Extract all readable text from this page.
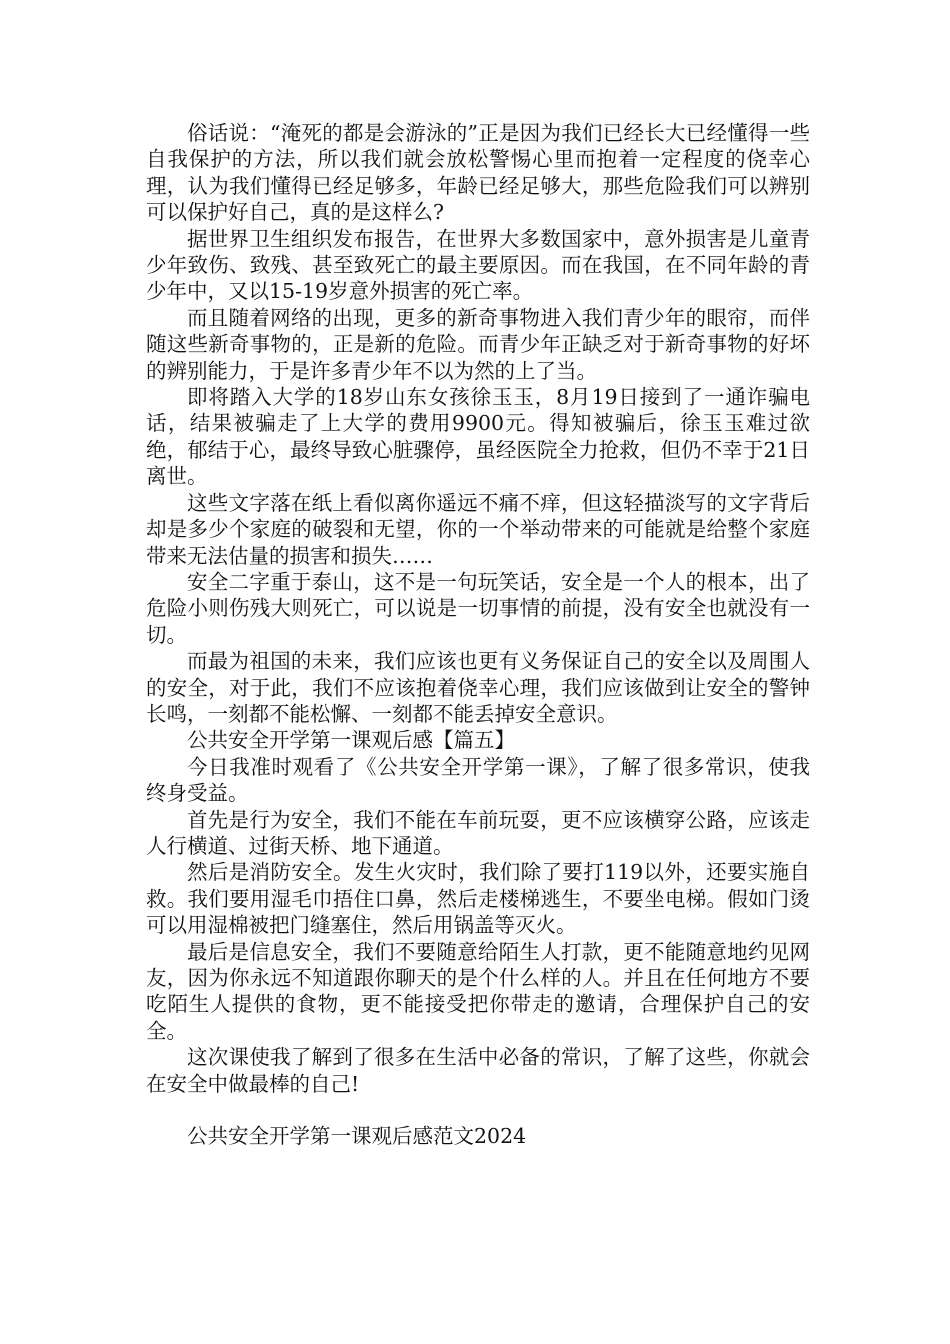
俗话说：“淹死的都是会游泳的”正是因为我们已经长大已经懂得一些自我保护的方法，所以我们就会放松警惕心里而抱着一定程度的侥幸心理，认为我们懂得已经足够多，年龄已经足够大，那些危险我们可以辨别可以保护好自己，真的是这样么?

据世界卫生组织发布报告，在世界大多数国家中，意外损害是儿童青少年致伤、致残、甚至致死亡的最主要原因。而在我国，在不同年龄的青少年中，又以15-19岁意外损害的死亡率。

而且随着网络的出现，更多的新奇事物进入我们青少年的眼帘，而伴随这些新奇事物的，正是新的危险。而青少年正缺乏对于新奇事物的好坏的辨别能力，于是许多青少年不以为然的上了当。

即将踏入大学的18岁山东女孩徐玉玉，8月19日接到了一通诈骗电话，结果被骗走了上大学的费用9900元。得知被骗后，徐玉玉难过欲绝，郁结于心，最终导致心脏骤停，虽经医院全力抢救，但仍不幸于21日离世。

这些文字落在纸上看似离你遥远不痛不痒，但这轻描淡写的文字背后却是多少个家庭的破裂和无望，你的一个举动带来的可能就是给整个家庭带来无法估量的损害和损失……

安全二字重于泰山，这不是一句玩笑话，安全是一个人的根本，出了危险小则伤残大则死亡，可以说是一切事情的前提，没有安全也就没有一切。

而最为祖国的未来，我们应该也更有义务保证自己的安全以及周围人的安全，对于此，我们不应该抱着侥幸心理，我们应该做到让安全的警钟长鸣，一刻都不能松懈、一刻都不能丢掉安全意识。

公共安全开学第一课观后感【篇五】

今日我准时观看了《公共安全开学第一课》，了解了很多常识，使我终身受益。

首先是行为安全，我们不能在车前玩耍，更不应该横穿公路，应该走人行横道、过街天桥、地下通道。

然后是消防安全。发生火灾时，我们除了要打119以外，还要实施自救。我们要用湿毛巾捂住口鼻，然后走楼梯逃生，不要坐电梯。假如门烫可以用湿棉被把门缝塞住，然后用锅盖等灭火。

最后是信息安全，我们不要随意给陌生人打款，更不能随意地约见网友，因为你永远不知道跟你聊天的是个什么样的人。并且在任何地方不要吃陌生人提供的食物，更不能接受把你带走的邀请，合理保护自己的安全。

这次课使我了解到了很多在生活中必备的常识，了解了这些，你就会在安全中做最棒的自己!

公共安全开学第一课观后感范文2024
